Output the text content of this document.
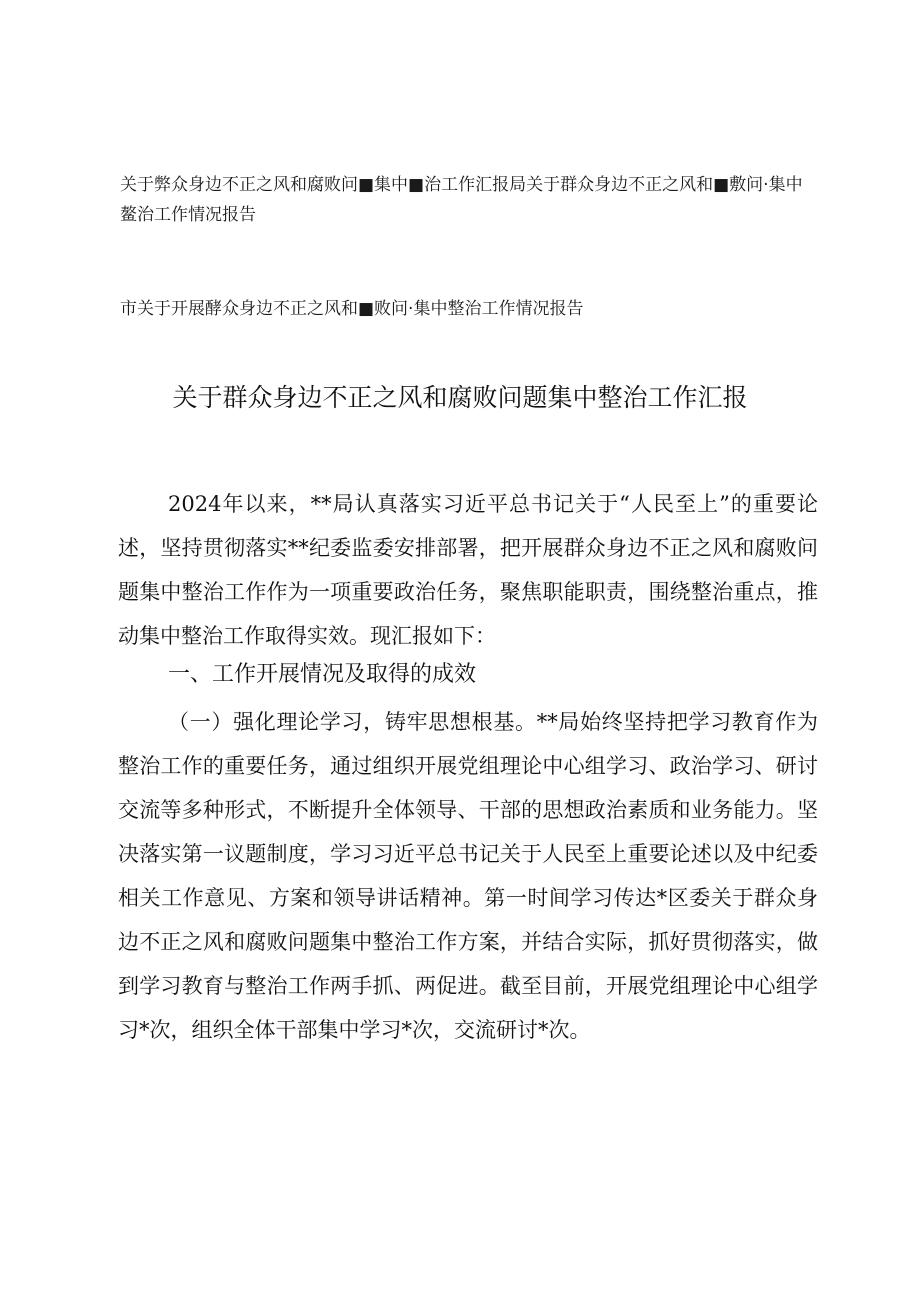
关于弊众身边不正之风和腐败问■集中■治工作汇报局关于群众身边不正之风和■敷问·集中鳌治工作情况报告

市关于开展酵众身边不正之风和■败问·集中整治工作情况报告

关于群众身边不正之风和腐败问题集中整治工作汇报

2024年以来，**局认真落实习近平总书记关于“人民至上”的重要论述，坚持贯彻落实**纪委监委安排部署，把开展群众身边不正之风和腐败问题集中整治工作作为一项重要政治任务，聚焦职能职责，围绕整治重点，推动集中整治工作取得实效。现汇报如下：

一、工作开展情况及取得的成效

（一）强化理论学习，铸牢思想根基。**局始终坚持把学习教育作为整治工作的重要任务，通过组织开展党组理论中心组学习、政治学习、研讨交流等多种形式，不断提升全体领导、干部的思想政治素质和业务能力。坚决落实第一议题制度，学习习近平总书记关于人民至上重要论述以及中纪委相关工作意见、方案和领导讲话精神。第一时间学习传达*区委关于群众身边不正之风和腐败问题集中整治工作方案，并结合实际，抓好贯彻落实，做到学习教育与整治工作两手抓、两促进。截至目前，开展党组理论中心组学习*次，组织全体干部集中学习*次，交流研讨*次。
